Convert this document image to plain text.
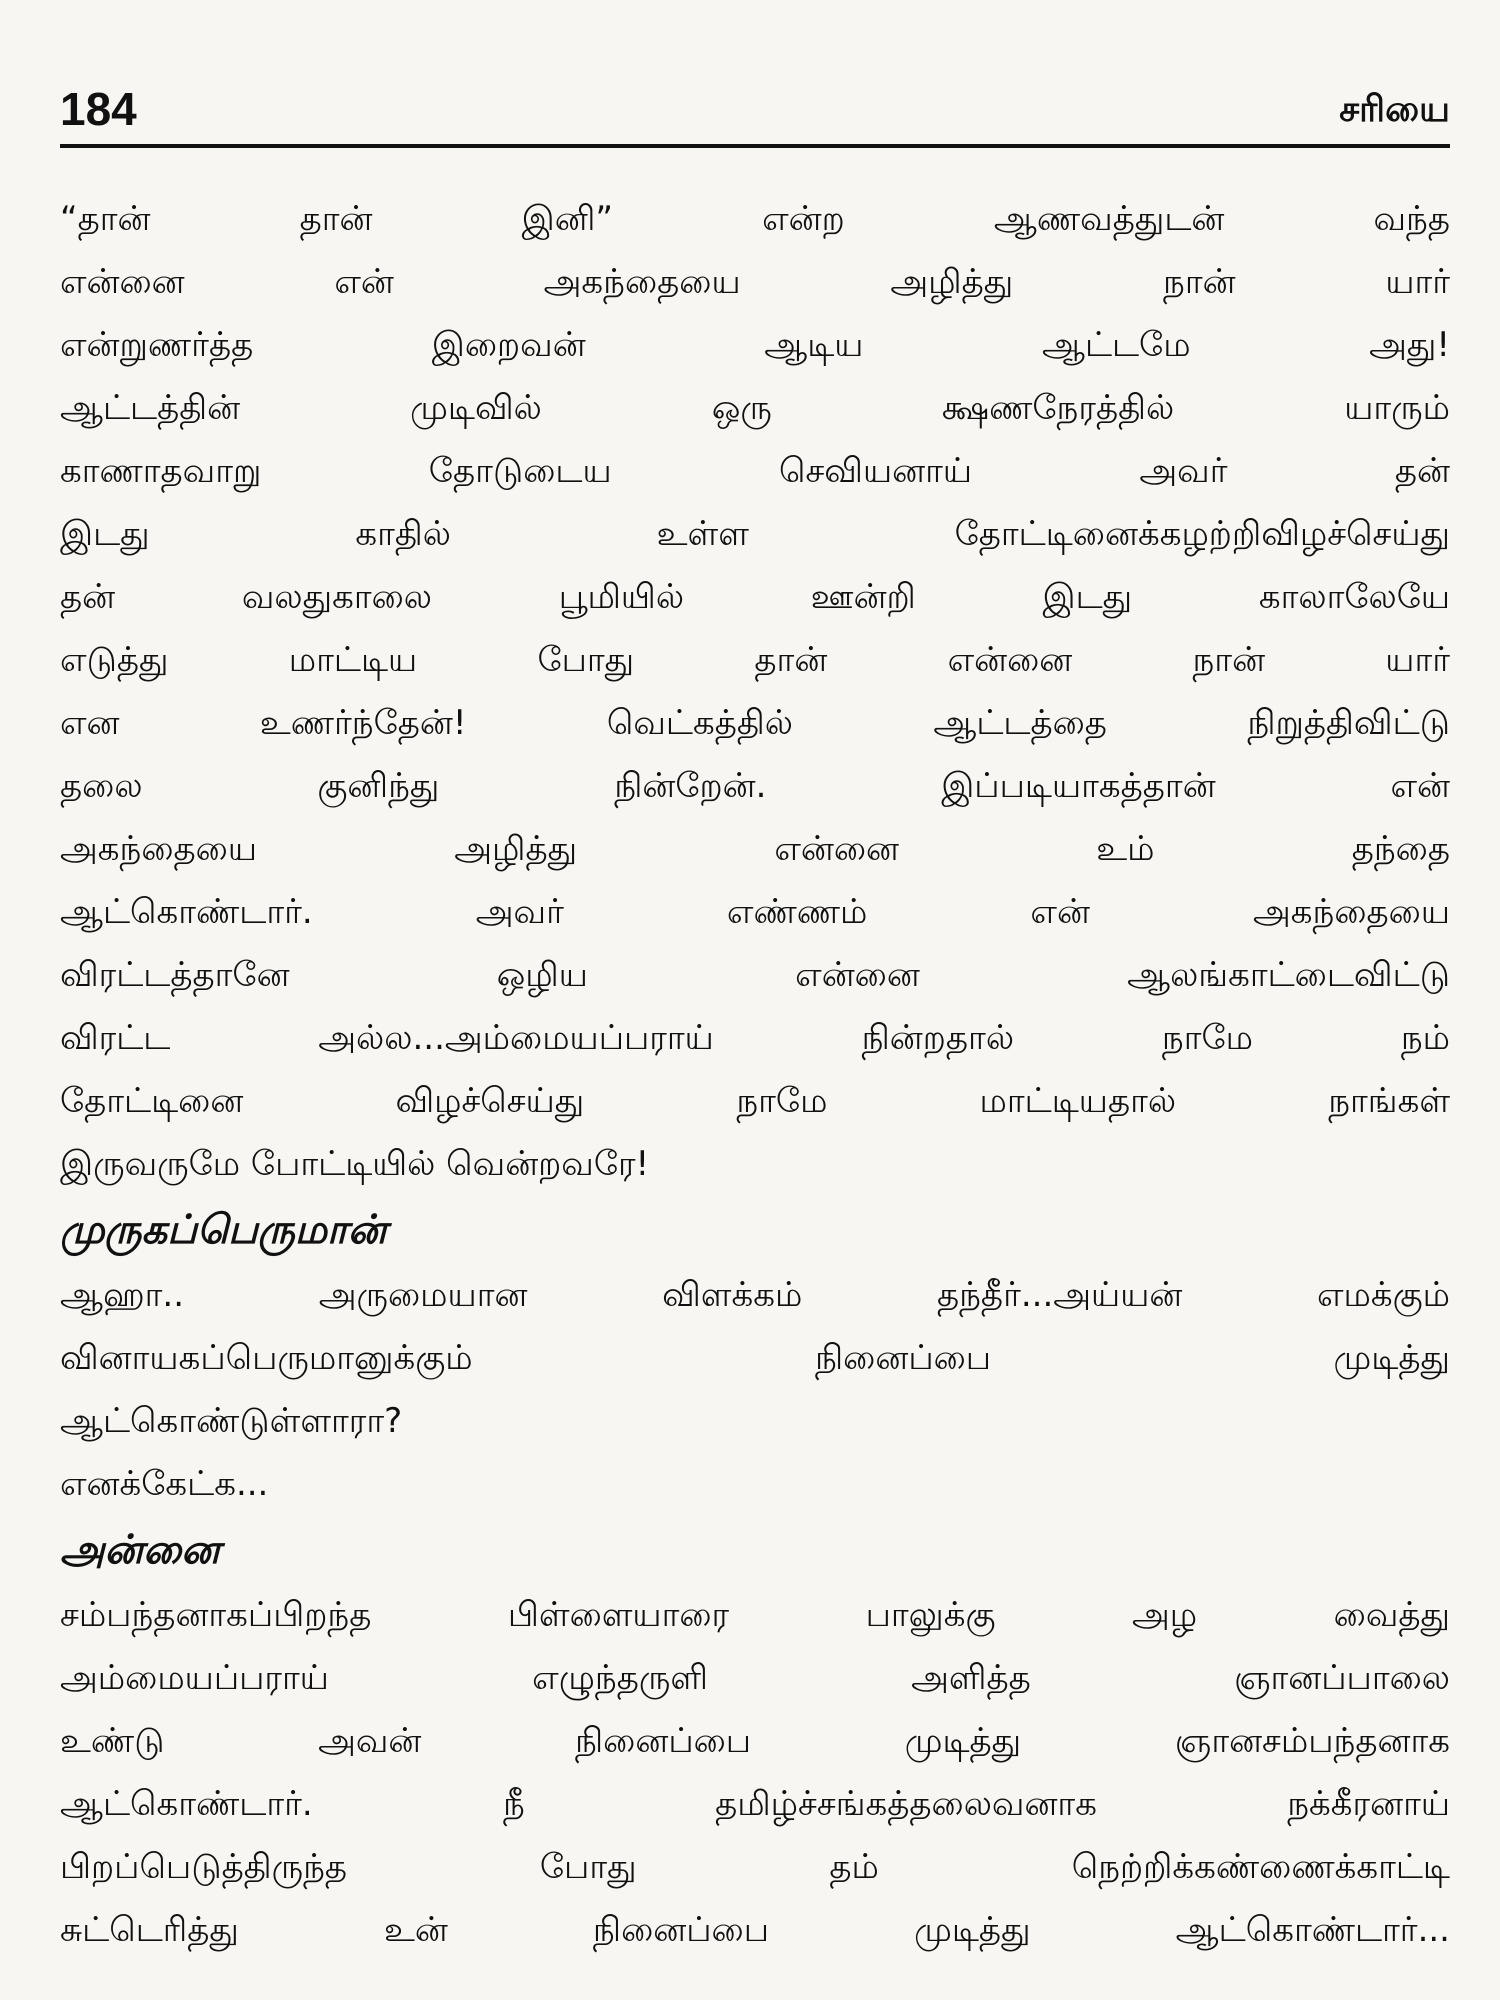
184	சரியை
“தான் தான் இனி” என்ற ஆணவத்துடன் வந்த
என்னை என் அகந்தையை அழித்து நான் யார்
என்றுணர்த்த இறைவன் ஆடிய ஆட்டமே அது!
ஆட்டத்தின் முடிவில் ஒரு க்ஷணநேரத்தில் யாரும்
காணாதவாறு தோடுடைய செவியனாய் அவர் தன்
இடது காதில் உள்ள தோட்டினைக்கழற்றிவிழச்செய்து
தன் வலதுகாலை பூமியில் ஊன்றி இடது காலாலேயே
எடுத்து மாட்டிய போது தான் என்னை நான் யார்
என உணர்ந்தேன்! வெட்கத்தில் ஆட்டத்தை நிறுத்திவிட்டு
தலை குனிந்து நின்றேன். இப்படியாகத்தான் என்
அகந்தையை அழித்து என்னை உம் தந்தை
ஆட்கொண்டார். அவர் எண்ணம் என் அகந்தையை
விரட்டத்தானே ஒழிய என்னை ஆலங்காட்டைவிட்டு
விரட்ட அல்ல...அம்மையப்பராய் நின்றதால் நாமே நம்
தோட்டினை விழச்செய்து நாமே மாட்டியதால் நாங்கள்
இருவருமே போட்டியில் வென்றவரே!
முருகப்பெருமான்
ஆஹா.. அருமையான விளக்கம் தந்தீர்...அய்யன் எமக்கும்
வினாயகப்பெருமானுக்கும் நினைப்பை முடித்து
ஆட்கொண்டுள்ளாரா?
எனக்கேட்க...
அன்னை
சம்பந்தனாகப்பிறந்த பிள்ளையாரை பாலுக்கு அழ வைத்து
அம்மையப்பராய் எழுந்தருளி அளித்த ஞானப்பாலை
உண்டு அவன் நினைப்பை முடித்து ஞானசம்பந்தனாக
ஆட்கொண்டார். நீ தமிழ்ச்சங்கத்தலைவனாக நக்கீரனாய்
பிறப்பெடுத்திருந்த போது தம் நெற்றிக்கண்ணைக்காட்டி
சுட்டெரித்து உன் நினைப்பை முடித்து ஆட்கொண்டார்...
